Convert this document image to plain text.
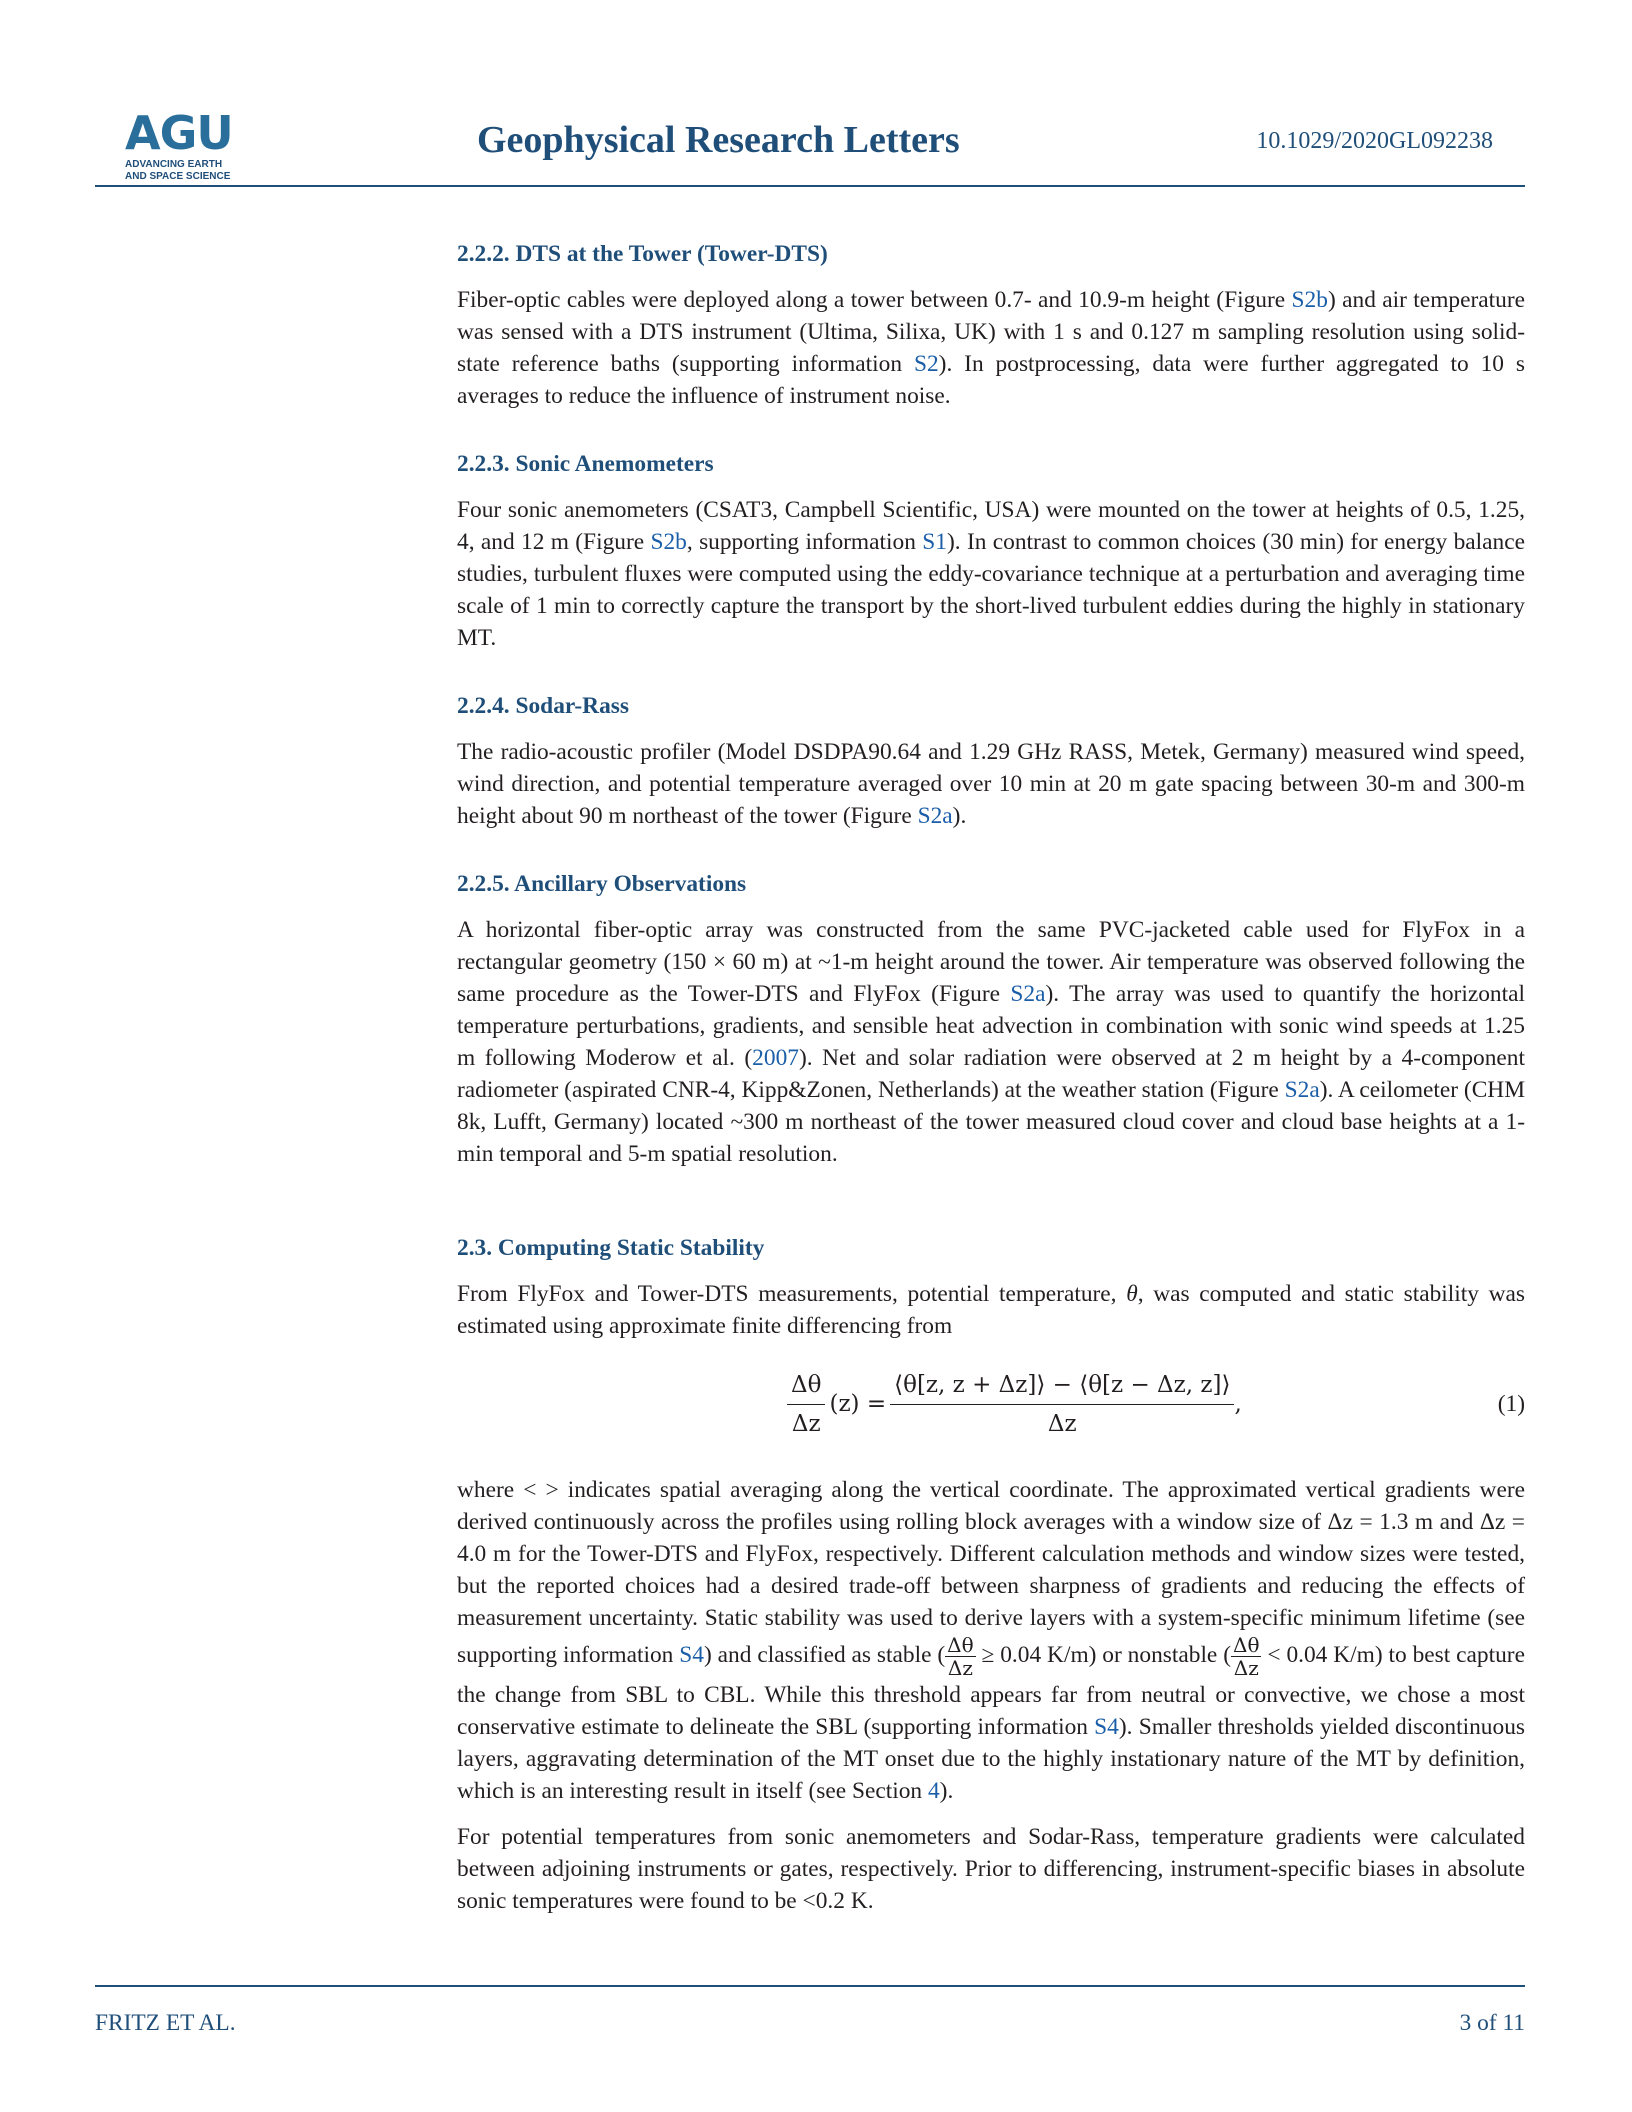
AGU
ADVANCING EARTH
AND SPACE SCIENCE
Geophysical Research Letters	10.1029/2020GL092238
2.2.2. DTS at the Tower (Tower-DTS)

Fiber-optic cables were deployed along a tower between 0.7- and 10.9-m height (Figure S2b) and air temperature was sensed with a DTS instrument (Ultima, Silixa, UK) with 1 s and 0.127 m sampling resolution using solid-state reference baths (supporting information S2). In postprocessing, data were further aggregated to 10 s averages to reduce the influence of instrument noise.

2.2.3. Sonic Anemometers

Four sonic anemometers (CSAT3, Campbell Scientific, USA) were mounted on the tower at heights of 0.5, 1.25, 4, and 12 m (Figure S2b, supporting information S1). In contrast to common choices (30 min) for energy balance studies, turbulent fluxes were computed using the eddy-covariance technique at a perturbation and averaging time scale of 1 min to correctly capture the transport by the short-lived turbulent eddies during the highly in stationary MT.

2.2.4. Sodar-Rass

The radio-acoustic profiler (Model DSDPA90.64 and 1.29 GHz RASS, Metek, Germany) measured wind speed, wind direction, and potential temperature averaged over 10 min at 20 m gate spacing between 30-m and 300-m height about 90 m northeast of the tower (Figure S2a).

2.2.5. Ancillary Observations

A horizontal fiber-optic array was constructed from the same PVC-jacketed cable used for FlyFox in a rectangular geometry (150 × 60 m) at ~1-m height around the tower. Air temperature was observed following the same procedure as the Tower-DTS and FlyFox (Figure S2a). The array was used to quantify the horizontal temperature perturbations, gradients, and sensible heat advection in combination with sonic wind speeds at 1.25 m following Moderow et al. (2007). Net and solar radiation were observed at 2 m height by a 4-component radiometer (aspirated CNR-4, Kipp&Zonen, Netherlands) at the weather station (Figure S2a). A ceilometer (CHM 8k, Lufft, Germany) located ~300 m northeast of the tower measured cloud cover and cloud base heights at a 1-min temporal and 5-m spatial resolution.

2.3. Computing Static Stability

From FlyFox and Tower-DTS measurements, potential temperature, θ, was computed and static stability was estimated using approximate finite differencing from

$\frac{\Delta\theta}{\Delta z} (z) = \frac{⟨\theta[z, z + \Delta z]⟩ - ⟨\theta[z - \Delta z, z]⟩}{\Delta z}$ ,	(1)

where < > indicates spatial averaging along the vertical coordinate. The approximated vertical gradients were derived continuously across the profiles using rolling block averages with a window size of Δz = 1.3 m and Δz = 4.0 m for the Tower-DTS and FlyFox, respectively. Different calculation methods and window sizes were tested, but the reported choices had a desired trade-off between sharpness of gradients and reducing the effects of measurement uncertainty. Static stability was used to derive layers with a system-specific minimum lifetime (see supporting information S4) and classified as stable ( $\frac{\Delta\theta}{\Delta z} \ge 0.04$ K/m) or nonstable ( $\frac{\Delta\theta}{\Delta z} < 0.04$ K/m) to best capture the change from SBL to CBL. While this threshold appears far from neutral or convective, we chose a most conservative estimate to delineate the SBL (supporting information S4). Smaller thresholds yielded discontinuous layers, aggravating determination of the MT onset due to the highly instationary nature of the MT by definition, which is an interesting result in itself (see Section 4).

For potential temperatures from sonic anemometers and Sodar-Rass, temperature gradients were calculated between adjoining instruments or gates, respectively. Prior to differencing, instrument-specific biases in absolute sonic temperatures were found to be <0.2 K.

FRITZ ET AL.	3 of 11
